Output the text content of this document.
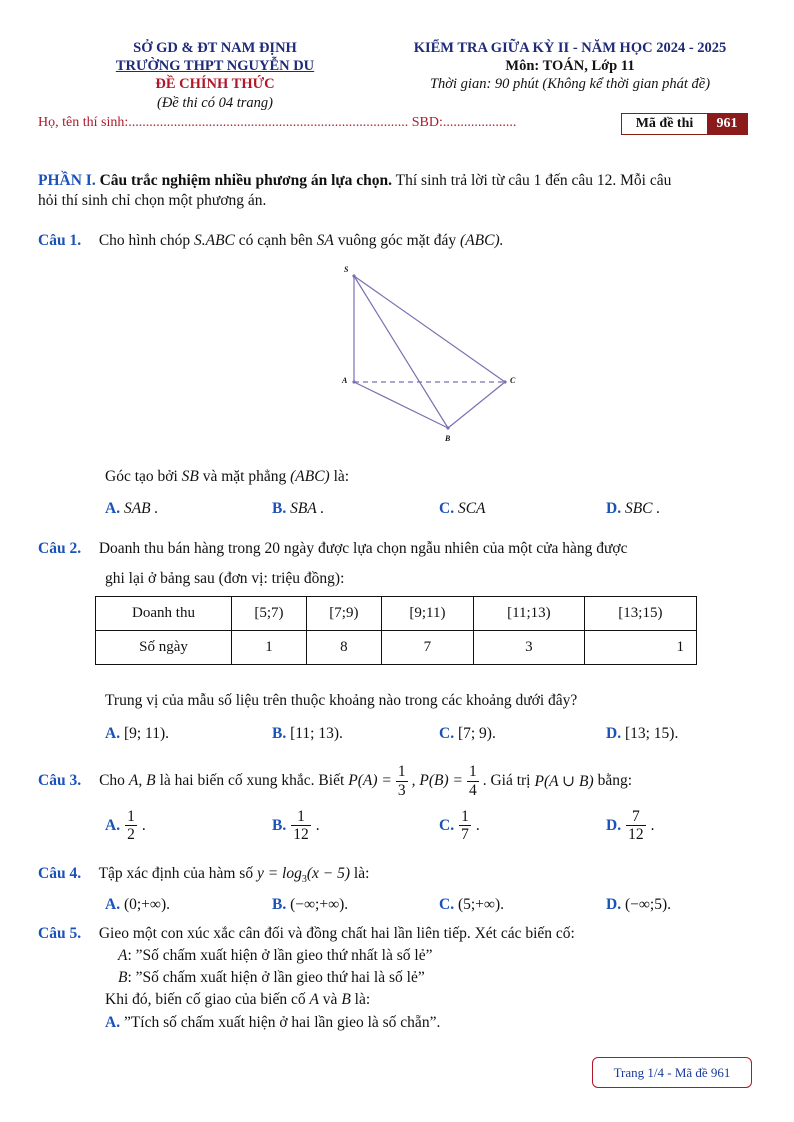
SỞ GD & ĐT NAM ĐỊNH
TRƯỜNG THPT NGUYỄN DU
ĐỀ CHÍNH THỨC
(Đề thi có 04 trang)
KIỂM TRA GIỮA KỲ II - NĂM HỌC 2024 - 2025
Môn: TOÁN, Lớp 11
Thời gian: 90 phút (Không kể thời gian phát đề)
Họ, tên thí sinh:................................................................................ SBD:.....................	Mã đề thi	961
PHẦN I. Câu trắc nghiệm nhiều phương án lựa chọn. Thí sinh trả lời từ câu 1 đến câu 12. Mỗi câu
hỏi thí sinh chỉ chọn một phương án.
Câu 1. Cho hình chóp S.ABC có cạnh bên SA vuông góc mặt đáy (ABC).
S
A	C
B
Góc tạo bởi SB và mặt phẳng (ABC) là:
A. SAB .	B. SBA .	C. SCA	D. SBC .
Câu 2. Doanh thu bán hàng trong 20 ngày được lựa chọn ngẫu nhiên của một cửa hàng được
ghi lại ở bảng sau (đơn vị: triệu đồng):
Doanh thu	[5;7)	[7;9)	[9;11)	[11;13)	[13;15)
Số ngày	1	8	7	3	1
Trung vị của mẫu số liệu trên thuộc khoảng nào trong các khoảng dưới đây?
A. [9; 11).	B. [11; 13).	C. [7; 9).	D. [13; 15).
Câu 3. Cho A, B là hai biến cố xung khắc. Biết $P(A) = \frac{1}{3}$ , $P(B) = \frac{1}{4}$ . Giá trị P(A ∪ B) bằng:
A. $\frac{1}{2}$ .	B. $\frac{1}{12}$ .	C. $\frac{1}{7}$ .	D. $\frac{7}{12}$ .
Câu 4. Tập xác định của hàm số $y = \log_3(x - 5)$ là:
A. (0;+∞).	B. (−∞;+∞).	C. (5;+∞).	D. (−∞;5).
Câu 5. Gieo một con xúc xắc cân đối và đồng chất hai lần liên tiếp. Xét các biến cố:
A: ”Số chấm xuất hiện ở lần gieo thứ nhất là số lẻ”
B: ”Số chấm xuất hiện ở lần gieo thứ hai là số lẻ”
Khi đó, biến cố giao của biến cố A và B là:
A. ”Tích số chấm xuất hiện ở hai lần gieo là số chẵn”.
Trang 1/4 - Mã đề 961
